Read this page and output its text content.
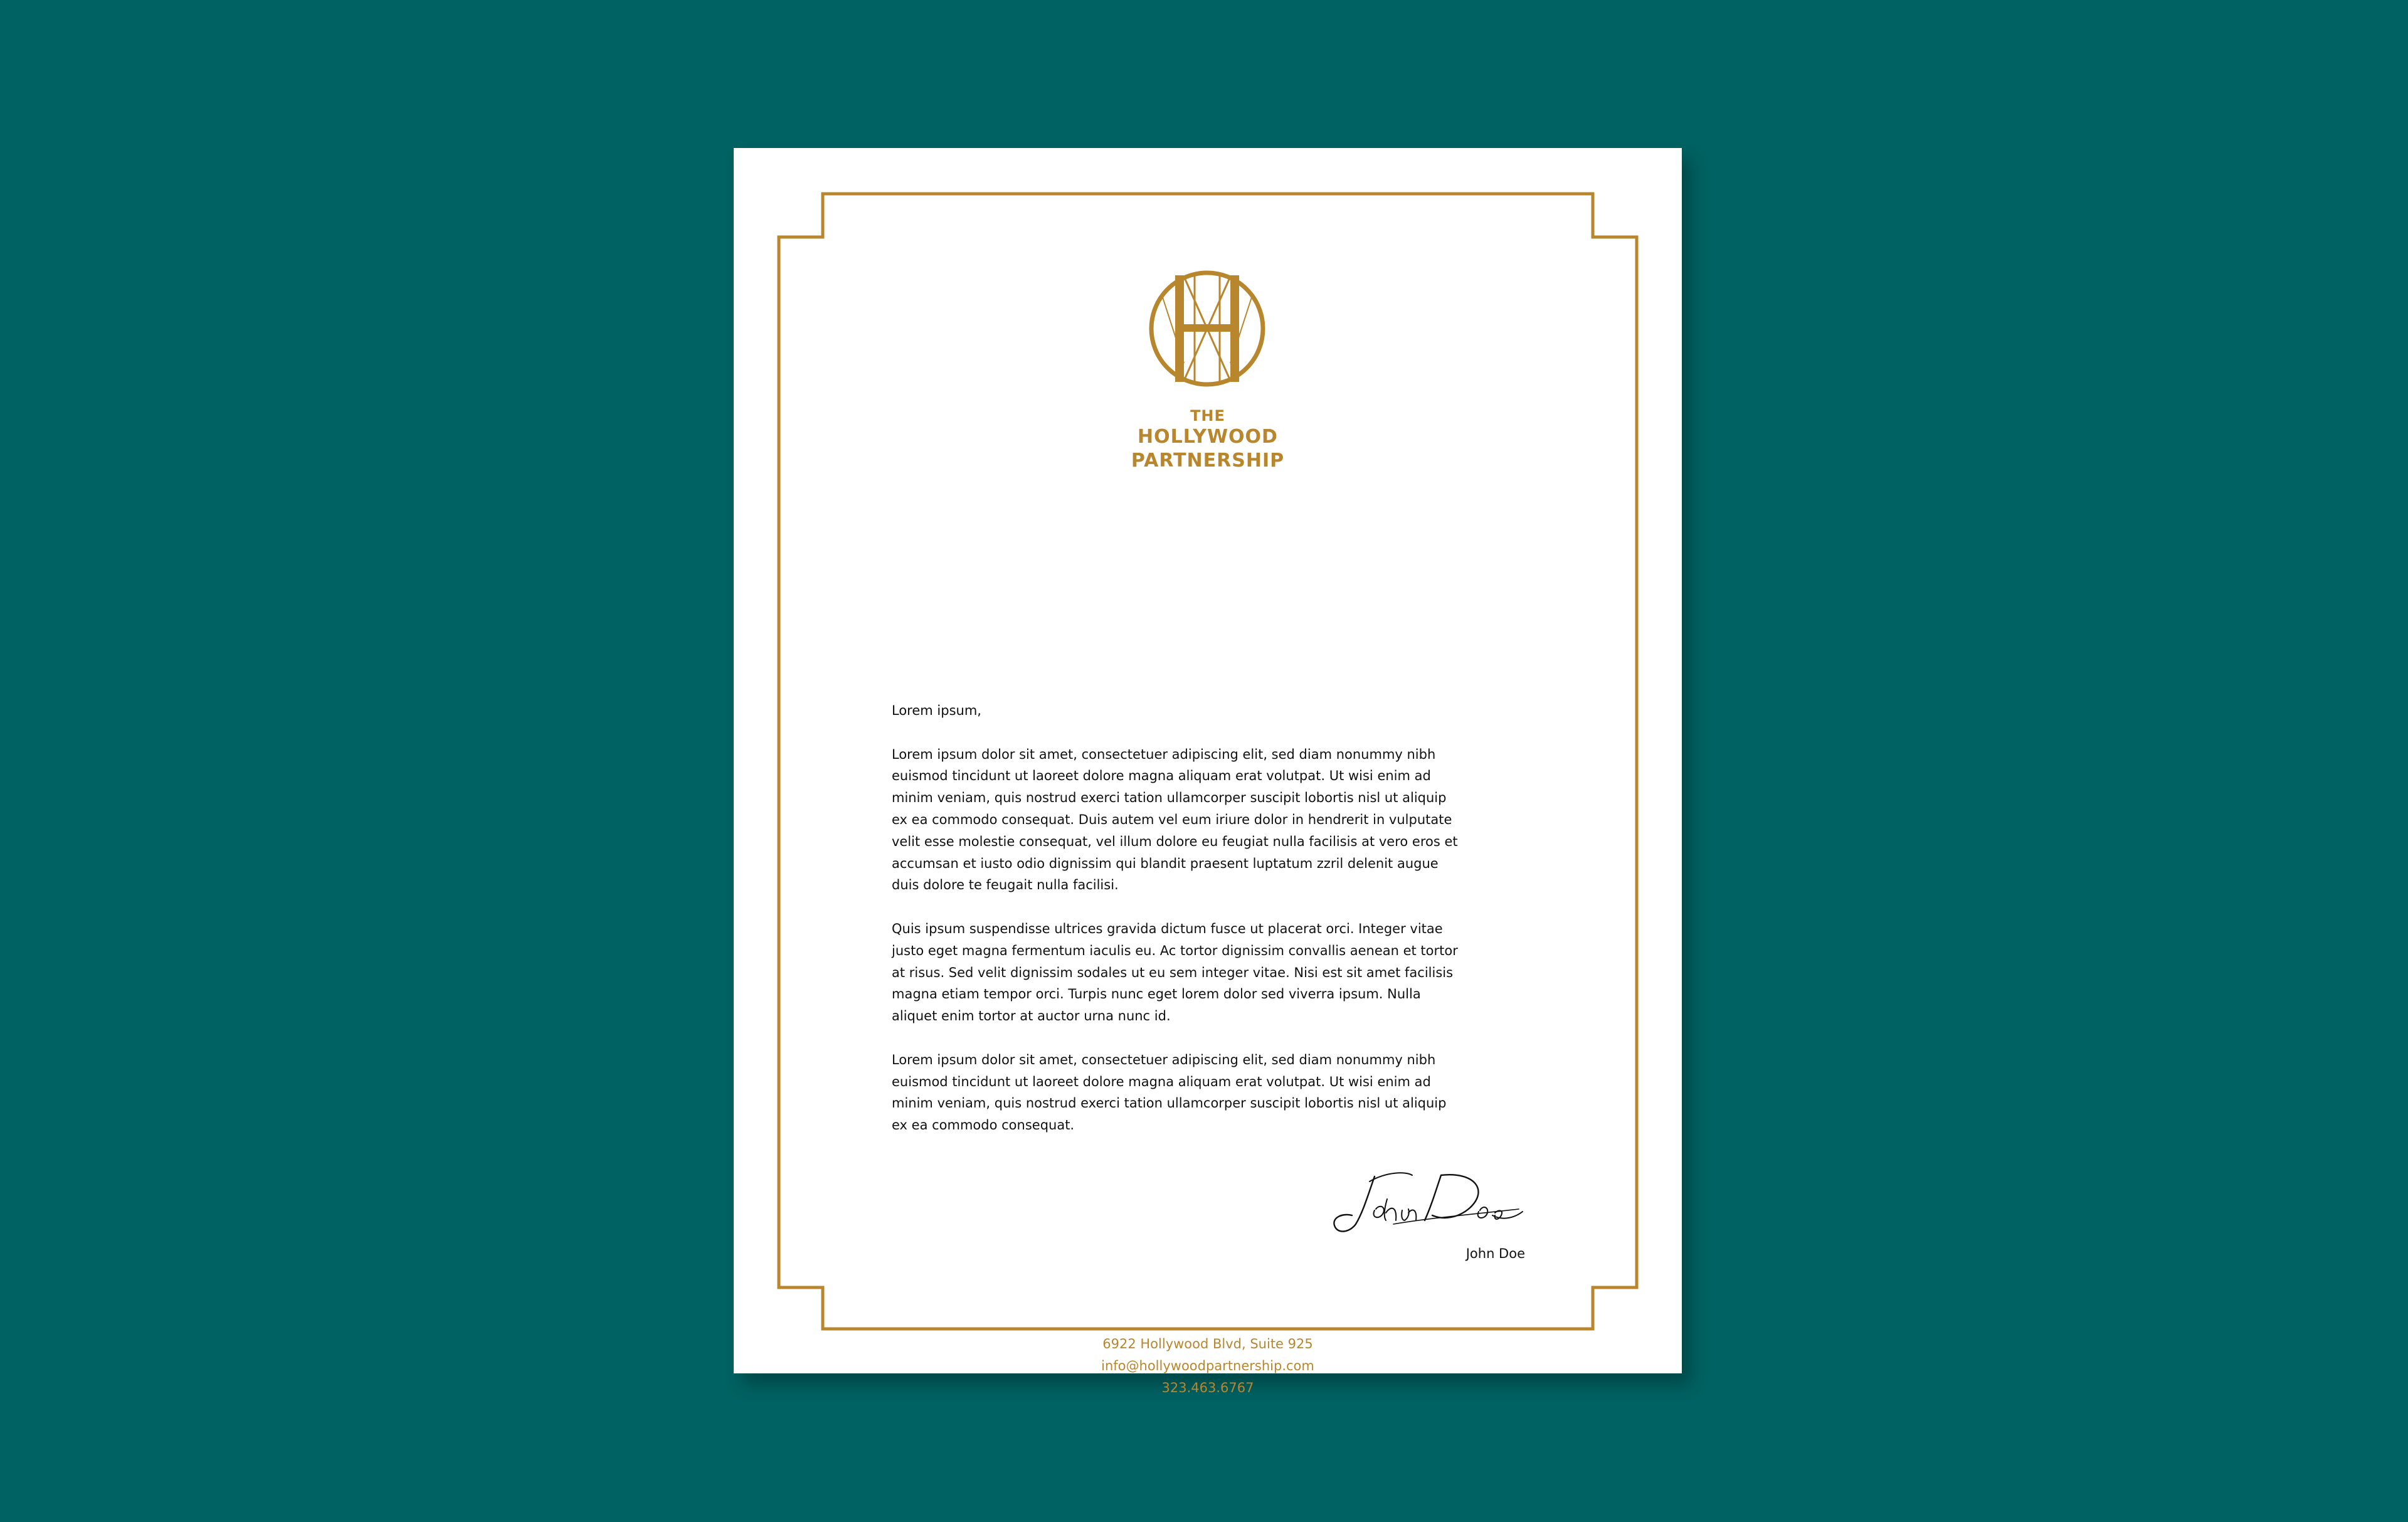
THE
HOLLYWOOD
PARTNERSHIP

Lorem ipsum,

Lorem ipsum dolor sit amet, consectetuer adipiscing elit, sed diam nonummy nibh
euismod tincidunt ut laoreet dolore magna aliquam erat volutpat. Ut wisi enim ad
minim veniam, quis nostrud exerci tation ullamcorper suscipit lobortis nisl ut aliquip
ex ea commodo consequat. Duis autem vel eum iriure dolor in hendrerit in vulputate
velit esse molestie consequat, vel illum dolore eu feugiat nulla facilisis at vero eros et
accumsan et iusto odio dignissim qui blandit praesent luptatum zzril delenit augue
duis dolore te feugait nulla facilisi.

Quis ipsum suspendisse ultrices gravida dictum fusce ut placerat orci. Integer vitae
justo eget magna fermentum iaculis eu. Ac tortor dignissim convallis aenean et tortor
at risus. Sed velit dignissim sodales ut eu sem integer vitae. Nisi est sit amet facilisis
magna etiam tempor orci. Turpis nunc eget lorem dolor sed viverra ipsum. Nulla
aliquet enim tortor at auctor urna nunc id.

Lorem ipsum dolor sit amet, consectetuer adipiscing elit, sed diam nonummy nibh
euismod tincidunt ut laoreet dolore magna aliquam erat volutpat. Ut wisi enim ad
minim veniam, quis nostrud exerci tation ullamcorper suscipit lobortis nisl ut aliquip
ex ea commodo consequat.

John Doe
6922 Hollywood Blvd, Suite 925
info@hollywoodpartnership.com
323.463.6767
